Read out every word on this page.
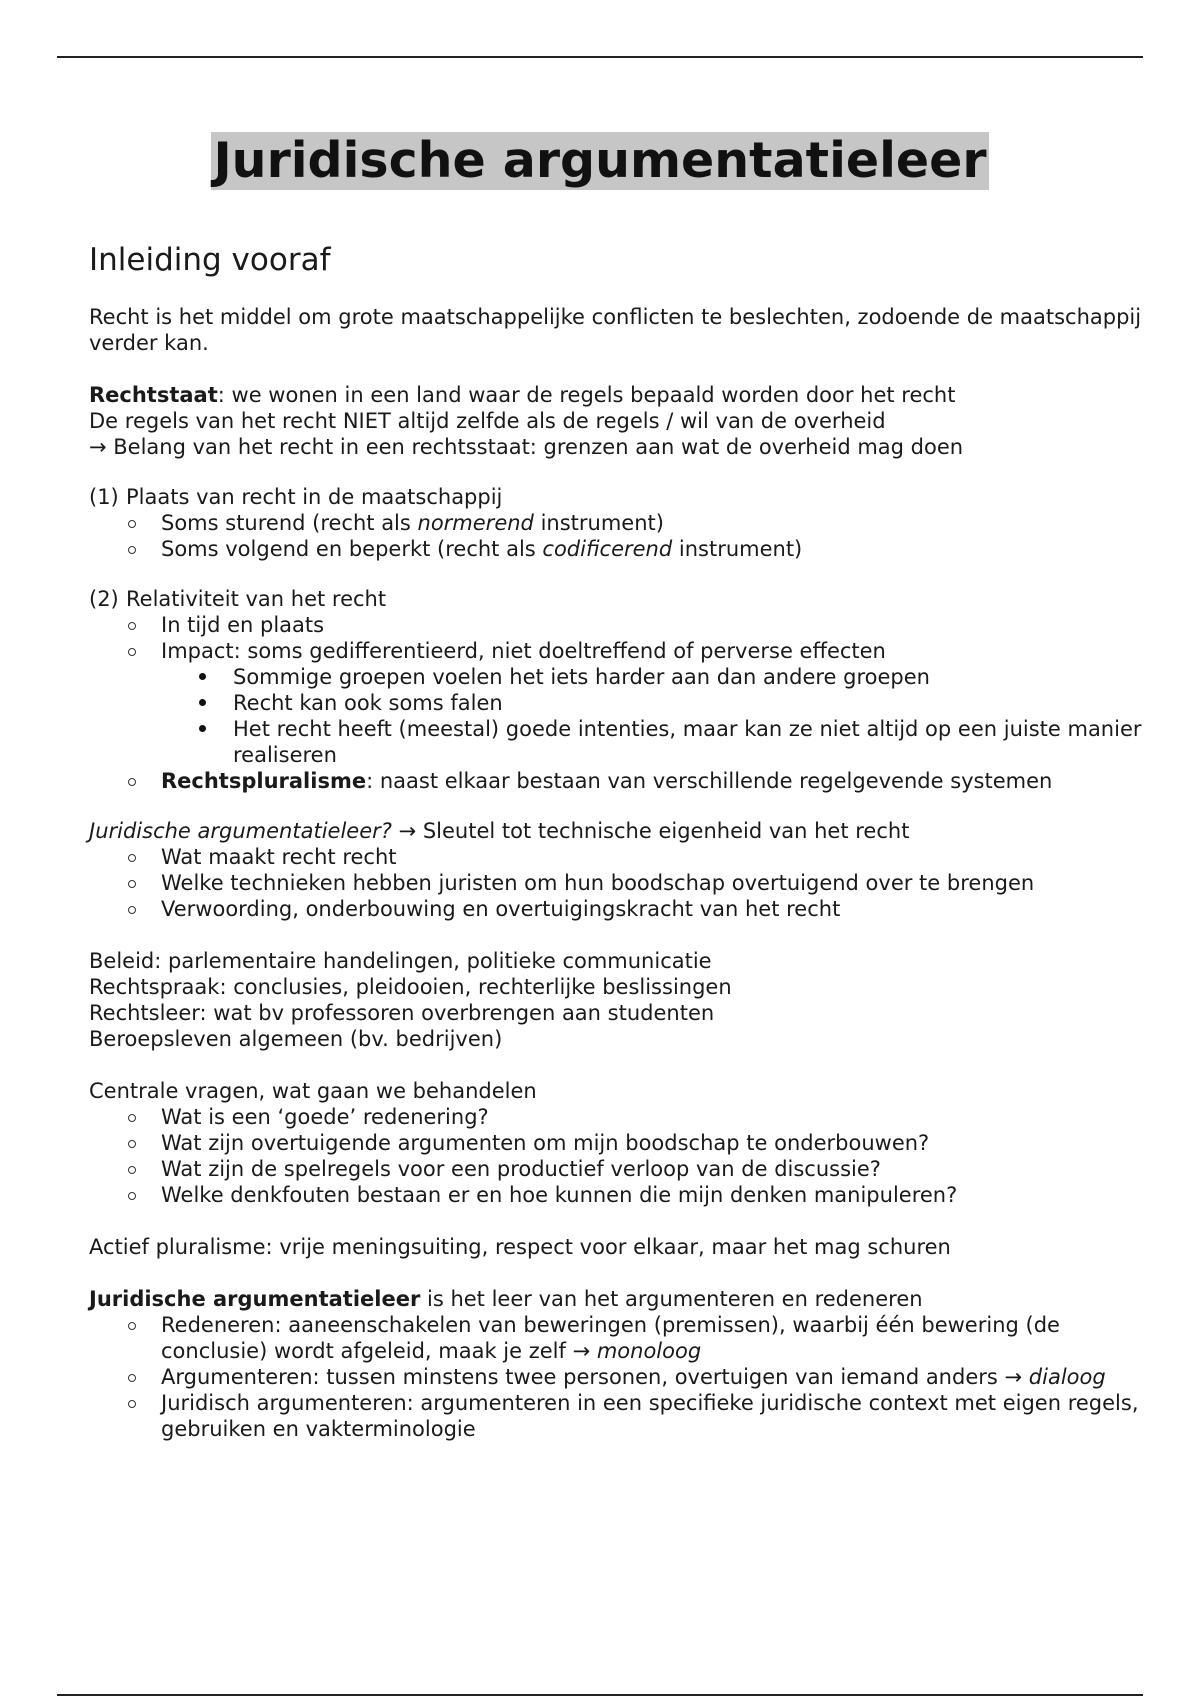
Juridische argumentatieleer
Inleiding vooraf

Recht is het middel om grote maatschappelijke conflicten te beslechten, zodoende de maatschappij verder kan.

Rechtstaat: we wonen in een land waar de regels bepaald worden door het recht

De regels van het recht NIET altijd zelfde als de regels / wil van de overheid

→ Belang van het recht in een rechtsstaat: grenzen aan wat de overheid mag doen

(1) Plaats van recht in de maatschappij
Soms sturend (recht als normerend instrument)
Soms volgend en beperkt (recht als codificerend instrument)
(2) Relativiteit van het recht
In tijd en plaats
Impact: soms gedifferentieerd, niet doeltreffend of perverse effecten
Sommige groepen voelen het iets harder aan dan andere groepen
Recht kan ook soms falen
Het recht heeft (meestal) goede intenties, maar kan ze niet altijd op een juiste manier realiseren
Rechtspluralisme: naast elkaar bestaan van verschillende regelgevende systemen

Juridische argumentatieleer? → Sleutel tot technische eigenheid van het recht

Wat maakt recht recht
Welke technieken hebben juristen om hun boodschap overtuigend over te brengen
Verwoording, onderbouwing en overtuigingskracht van het recht

Beleid: parlementaire handelingen, politieke communicatie

Rechtspraak: conclusies, pleidooien, rechterlijke beslissingen

Rechtsleer: wat bv professoren overbrengen aan studenten

Beroepsleven algemeen (bv. bedrijven)

Centrale vragen, wat gaan we behandelen

Wat is een ‘goede’ redenering?
Wat zijn overtuigende argumenten om mijn boodschap te onderbouwen?
Wat zijn de spelregels voor een productief verloop van de discussie?
Welke denkfouten bestaan er en hoe kunnen die mijn denken manipuleren?

Actief pluralisme: vrije meningsuiting, respect voor elkaar, maar het mag schuren

Juridische argumentatieleer is het leer van het argumenteren en redeneren

Redeneren: aaneenschakelen van beweringen (premissen), waarbij één bewering (de conclusie) wordt afgeleid, maak je zelf → monoloog
Argumenteren: tussen minstens twee personen, overtuigen van iemand anders → dialoog
Juridisch argumenteren: argumenteren in een specifieke juridische context met eigen regels, gebruiken en vakterminologie
